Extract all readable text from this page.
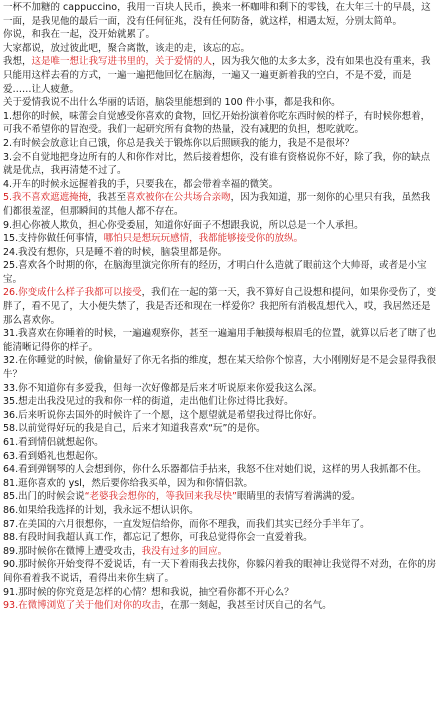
一杯不加糖的 cappuccino，我用一百块人民币，换来一杯咖啡和剩下的零钱，在大年三十的早晨，这一面，是我见他的最后一面，没有任何征兆，没有任何防备，就这样，相遇太短，分别太简单。

你说，和我在一起，没开始就累了。

大家都说，放过彼此吧，聚合离散，该走的走，该忘的忘。

我想，这是唯一想让我写进书里的，关于爱情的人，因为我欠他的太多太多，没有如果也没有重来，我只能用这样去看的方式，一遍一遍把他回忆在脑海，一遍又一遍更新着我的空白，不是不爱，而是爱……让人疲惫。

关于爱情我说不出什么华丽的话语，脑袋里能想到的 100 件小事，都是我和你。

1.想你的时候，味蕾会自觉感受你喜欢的食物，回忆开始扮演着你吃东西时候的样子，有时候你想着，可我不希望你的冒泡受。我们一起研究所有食物的热量，没有减肥的负担，想吃就吃。

2.有时候会放意让自己饿，你总是我关于锻炼你以后照顾我的能力，我是不是很坏？

3.会不自觉地把身边所有的人和你作对比，然后接着想你，没有谁有资格说你不好，除了我，你的缺点就是优点，我再清楚不过了。

4.开车的时候永远握着我的手，只要我在，都会带着幸福的微笑。

5.我不喜欢遮遮掩掩，我甚至喜欢被你在公共场合亲吻，因为我知道，那一刻你的心里只有我，虽然我们都很羞涩，但那瞬间的其他人都不存在。

9.担心你被人欺负，担心你受委屈，知道你好面子不想跟我说，所以总是一个人承担。

15.支持你做任何事情，哪怕只是想玩玩感情，我都能够接受你的放纵。

24.我没有想你，只是睡不着的时候，脑袋里都是你。

25.喜欢各个时期的你，在脑海里演完你所有的经历，才明白什么造就了眼前这个大帅哥，或者是小宝宝。

26.你变成什么样子我都可以接受，我们在一起的第一天，我不算好自己设想和提问，如果你受伤了，变胖了，看不见了，大小便失禁了，我是否还和现在一样爱你？我把所有消极乱想代入，哎，我居然还是那么喜欢你。

31.我喜欢在你睡着的时候，一遍遍观察你，甚至一遍遍用手触摸每根眉毛的位置，就算以后老了瞎了也能清晰记得你的样子。

32.在你睡觉的时候，偷偷量好了你无名指的维度，想在某天给你个惊喜，大小刚刚好是不是会显得我很牛？

33.你不知道你有多爱我，但每一次好像都是后来才听说原来你爱我这么深。

35.想走出我没见过的我和你一样的街道，走出他们让你过得比我好。

36.后来听说你去国外的时候许了一个愿，这个愿望就是希望我过得比你好。

58.以前觉得好玩的我是自己，后来才知道我喜欢“玩”的是你。

61.看到情侣就想起你。

63.看到婚礼也想起你。

64.看到弹钢琴的人会想到你，你什么乐器都信手拈来，我怒不住对她们说，这样的男人我抓都不住。

81.逛你喜欢的 ysl，然后要你给我买单，因为和你情侣款。

85.出门的时候会说“老婆我会想你的，等我回来我尽快”眼睛里的表情写着满满的爱。

86.如果给我选择的计划，我永远不想认识你。

87.在美国的六月很想你，一直发短信给你，而你不理我，而我们其实已经分手半年了。

88.有段时间我超认真工作，都忘记了想你，可我总觉得你会一直爱着我。

89.那时候你在微博上遭受攻击，我没有过多的回应。

90.那时候你开始变得不爱说话，有一天下着雨我去找你，你躲闪着我的眼神让我觉得不对劲，在你的房间你看着我不说话，看得出来你生病了。

91.那时候的你究竟是怎样的心情？想和我说，抽空看你都不开心么？

93.在微博浏览了关于他们对你的攻击，在那一刻起，我甚至讨厌自己的名气。
